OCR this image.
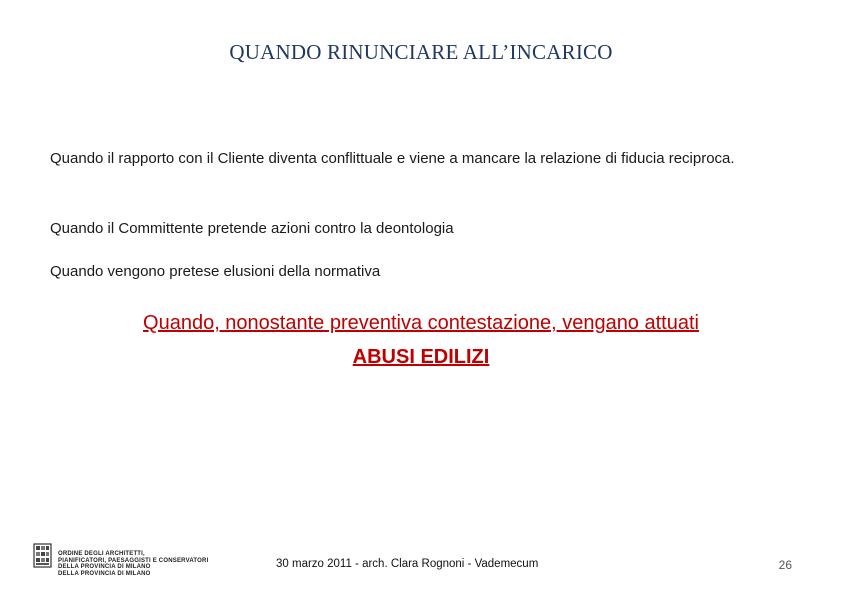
QUANDO RINUNCIARE ALL’INCARICO
Quando il rapporto con il Cliente diventa conflittuale e viene a mancare la relazione di fiducia reciproca.
Quando il Committente pretende azioni contro la deontologia
Quando vengono pretese elusioni della normativa
Quando, nonostante preventiva contestazione, vengano attuati
ABUSI EDILIZI
ORDINE DEGLI ARCHITETTI,
PIANIFICATORI, PAESAGGISTI E CONSERVATORI
DELLA PROVINCIA DI MILANO
DELLA PROVINCIA DI MILANO
30 marzo 2011 - arch. Clara Rognoni - Vademecum	26
